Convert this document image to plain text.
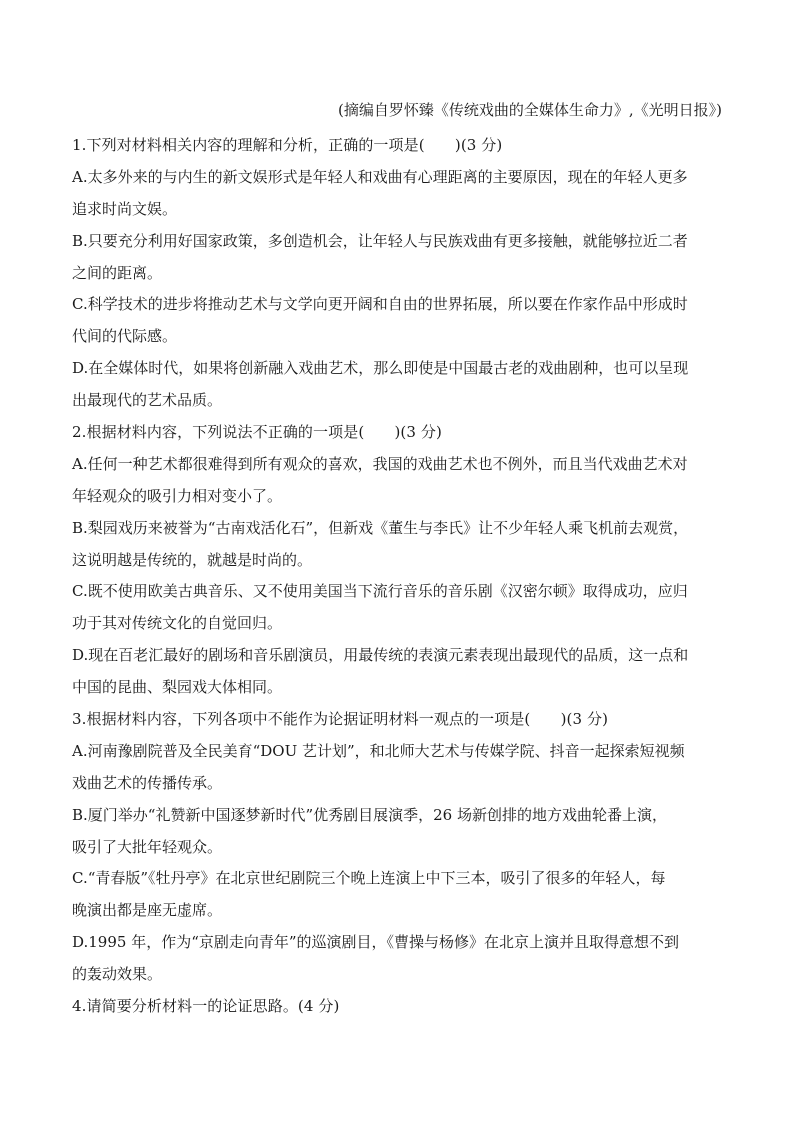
(摘编自罗怀臻《传统戏曲的全媒体生命力》,《光明日报》)
1.下列对材料相关内容的理解和分析，正确的一项是(　　)(3 分)
A.太多外来的与内生的新文娱形式是年轻人和戏曲有心理距离的主要原因，现在的年轻人更多
追求时尚文娱。
B.只要充分利用好国家政策，多创造机会，让年轻人与民族戏曲有更多接触，就能够拉近二者
之间的距离。
C.科学技术的进步将推动艺术与文学向更开阔和自由的世界拓展，所以要在作家作品中形成时
代间的代际感。
D.在全媒体时代，如果将创新融入戏曲艺术，那么即使是中国最古老的戏曲剧种，也可以呈现
出最现代的艺术品质。
2.根据材料内容，下列说法不正确的一项是(　　)(3 分)
A.任何一种艺术都很难得到所有观众的喜欢，我国的戏曲艺术也不例外，而且当代戏曲艺术对
年轻观众的吸引力相对变小了。
B.梨园戏历来被誉为“古南戏活化石”，但新戏《董生与李氏》让不少年轻人乘飞机前去观赏，
这说明越是传统的，就越是时尚的。
C.既不使用欧美古典音乐、又不使用美国当下流行音乐的音乐剧《汉密尔顿》取得成功，应归
功于其对传统文化的自觉回归。
D.现在百老汇最好的剧场和音乐剧演员，用最传统的表演元素表现出最现代的品质，这一点和
中国的昆曲、梨园戏大体相同。
3.根据材料内容，下列各项中不能作为论据证明材料一观点的一项是(　　)(3 分)
A.河南豫剧院普及全民美育“DOU 艺计划”，和北师大艺术与传媒学院、抖音一起探索短视频
戏曲艺术的传播传承。
B.厦门举办“礼赞新中国逐梦新时代”优秀剧目展演季，26 场新创排的地方戏曲轮番上演，
吸引了大批年轻观众。
C.“青春版”《牡丹亭》在北京世纪剧院三个晚上连演上中下三本，吸引了很多的年轻人，每
晚演出都是座无虚席。
D.1995 年，作为“京剧走向青年”的巡演剧目，《曹操与杨修》在北京上演并且取得意想不到
的轰动效果。
4.请简要分析材料一的论证思路。(4 分)
